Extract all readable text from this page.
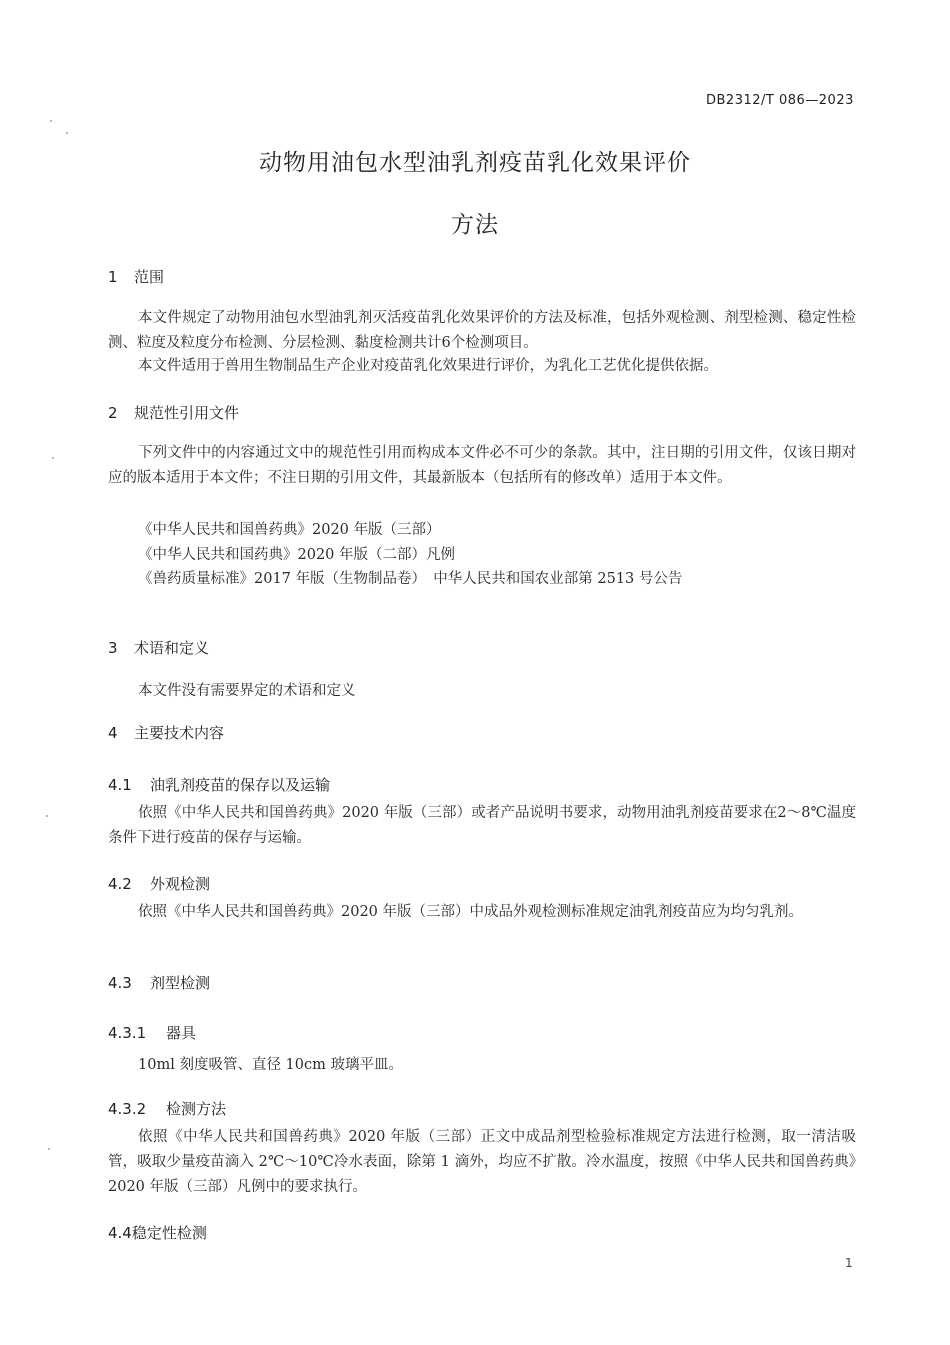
DB2312/T 086—2023
动物用油包水型油乳剂疫苗乳化效果评价
方法
1 范围
本文件规定了动物用油包水型油乳剂灭活疫苗乳化效果评价的方法及标准，包括外观检测、剂型检测、稳定性检测、粒度及粒度分布检测、分层检测、黏度检测共计6个检测项目。
本文件适用于兽用生物制品生产企业对疫苗乳化效果进行评价，为乳化工艺优化提供依据。
2 规范性引用文件
下列文件中的内容通过文中的规范性引用而构成本文件必不可少的条款。其中，注日期的引用文件，仅该日期对应的版本适用于本文件；不注日期的引用文件，其最新版本（包括所有的修改单）适用于本文件。
《中华人民共和国兽药典》2020 年版（三部）
《中华人民共和国药典》2020 年版（二部）凡例
《兽药质量标准》2017 年版（生物制品卷）　中华人民共和国农业部第 2513 号公告
3 术语和定义
本文件没有需要界定的术语和定义
4 主要技术内容
4.1 油乳剂疫苗的保存以及运输
依照《中华人民共和国兽药典》2020 年版（三部）或者产品说明书要求，动物用油乳剂疫苗要求在2～8℃温度条件下进行疫苗的保存与运输。
4.2 外观检测
依照《中华人民共和国兽药典》2020 年版（三部）中成品外观检测标准规定油乳剂疫苗应为均匀乳剂。
4.3 剂型检测
4.3.1 器具
10ml 刻度吸管、直径 10cm 玻璃平皿。
4.3.2 检测方法
依照《中华人民共和国兽药典》2020 年版（三部）正文中成品剂型检验标准规定方法进行检测，取一清洁吸管，吸取少量疫苗滴入 2℃～10℃冷水表面，除第 1 滴外，均应不扩散。冷水温度，按照《中华人民共和国兽药典》2020 年版（三部）凡例中的要求执行。
4.4稳定性检测
1
